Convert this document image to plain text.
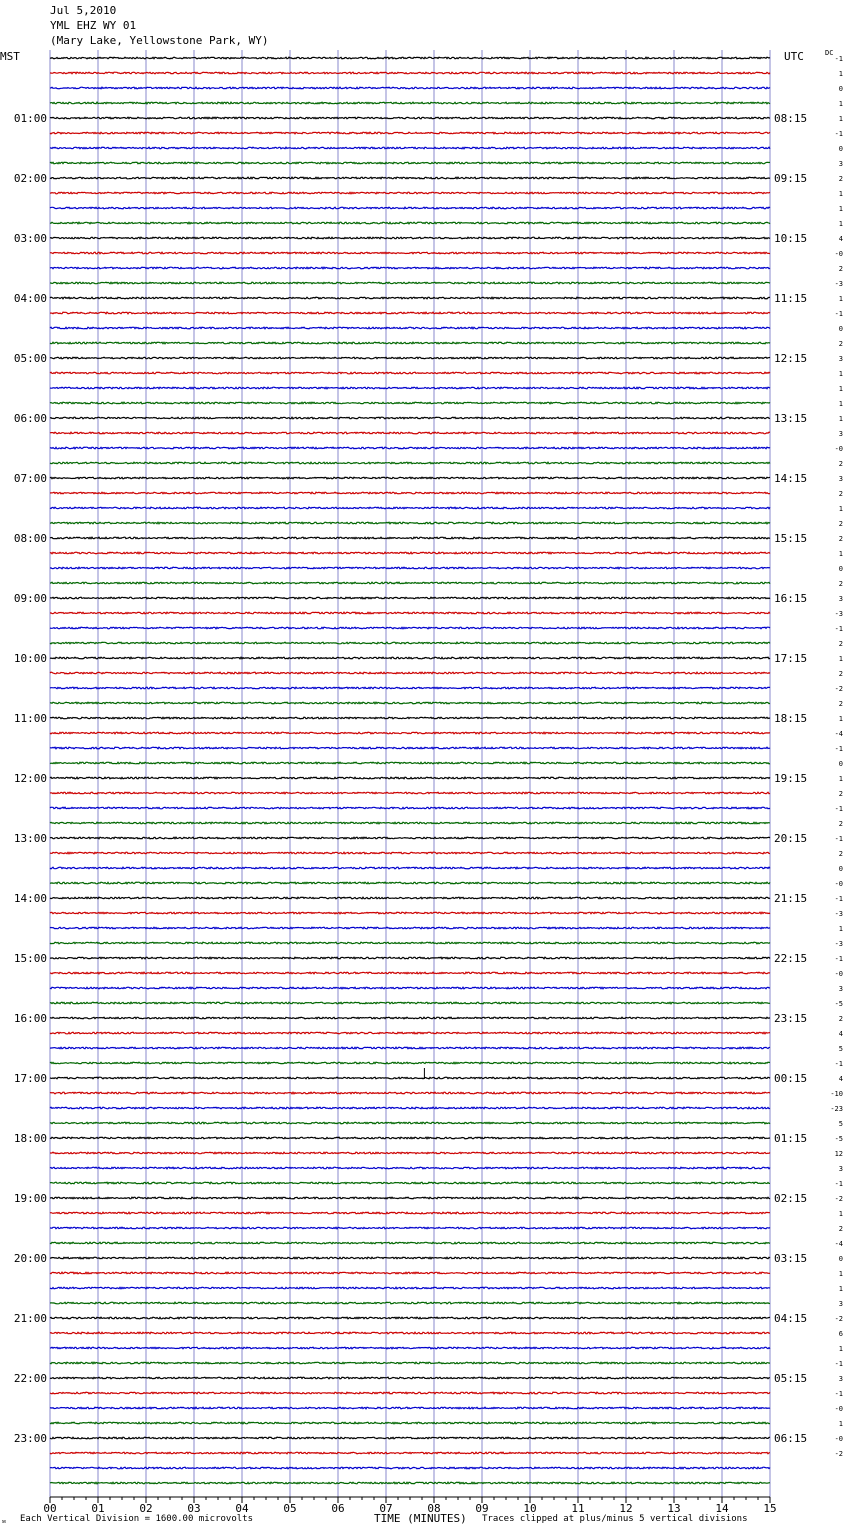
Jul 5,2010
YML EHZ WY 01
(Mary Lake, Yellowstone Park, WY)
MST	UTC	DC
00	01	02	03	04	05	06	07	08	09	10	11	12	13	14	15
-1
1
0
1
1
-1
0
3
2
1
1
1
4
-0
2
-3
1
-1
0
2
3
1
1
1
1
3
-0
2
3
2
1
2
2
1
0
2
3
-3
-1
2
1
2
-2
2
1
-4
-1
0
1
2
-1
2
-1
2
0
-0
-1
-3
1
-3
-1
-0
3
-5
2
4
5
-1
4
-10
-23
5
-5
12
3
-1
-2
1
2
-4
0
1
1
3
-2
6
1
-1
3
-1
-0
1
-0
-2
01:00
02:00
03:00
04:00
05:00
06:00
07:00
08:00
09:00
10:00
11:00
12:00
13:00
14:00
15:00
16:00
17:00
18:00
19:00
20:00
21:00
22:00
23:00
08:15
09:15
10:15
11:15
12:15
13:15
14:15
15:15
16:15
17:15
18:15
19:15
20:15
21:15
22:15
23:15
00:15
01:15
02:15
03:15
04:15
05:15
06:15
ᴍ Each Vertical Division = 1600.00 microvolts	TIME (MINUTES) Traces clipped at plus/minus 5 vertical divisions
